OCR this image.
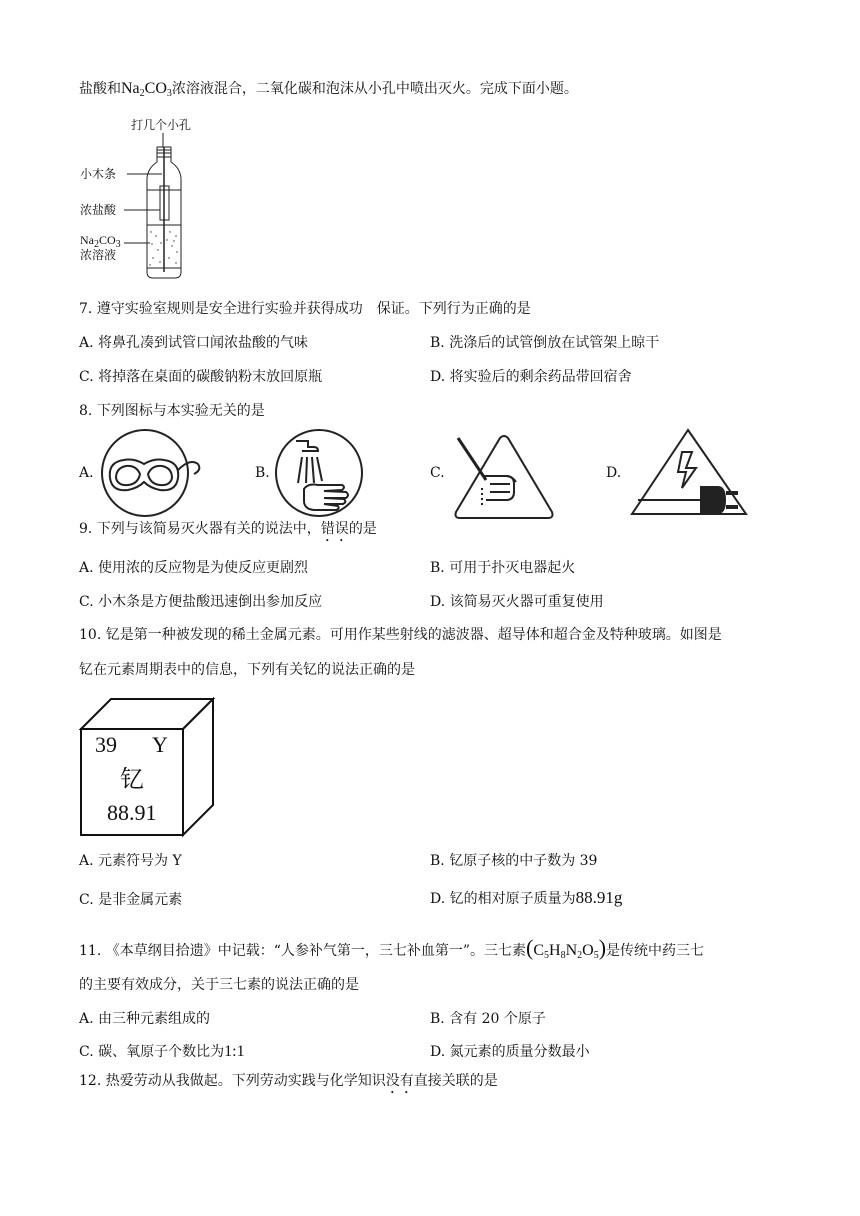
盐酸和$Na_2CO_3$浓溶液混合，二氧化碳和泡沫从小孔中喷出灭火。完成下面小题。
打几个小孔
小木条
浓盐酸
$Na_2CO_3$
浓溶液
7. 遵守实验室规则是安全进行实验并获得成功　保证。下列行为正确的是
A. 将鼻孔凑到试管口闻浓盐酸的气味	B. 洗涤后的试管倒放在试管架上晾干
C. 将掉落在桌面的碳酸钠粉末放回原瓶	D. 将实验后的剩余药品带回宿舍
8. 下列图标与本实验无关的是
A.	B.	C.	D.
9. 下列与该简易灭火器有关的说法中，错误的是
A. 使用浓的反应物是为使反应更剧烈	B. 可用于扑灭电器起火
C. 小木条是方便盐酸迅速倒出参加反应	D. 该简易灭火器可重复使用
10. 钇是第一种被发现的稀土金属元素。可用作某些射线的滤波器、超导体和超合金及特种玻璃。如图是
钇在元素周期表中的信息，下列有关钇的说法正确的是
39 Y
钇
88.91
A. 元素符号为 Y	B. 钇原子核的中子数为 39
C. 是非金属元素	D. 钇的相对原子质量为88.91g
11. 《本草纲目拾遗》中记载：“人参补气第一，三七补血第一”。三七素$(C_5H_8N_2O_5)$是传统中药三七
的主要有效成分，关于三七素的说法正确的是
A. 由三种元素组成的	B. 含有 20 个原子
C. 碳、氧原子个数比为1:1	D. 氮元素的质量分数最小
12. 热爱劳动从我做起。下列劳动实践与化学知识没有直接关联的是
